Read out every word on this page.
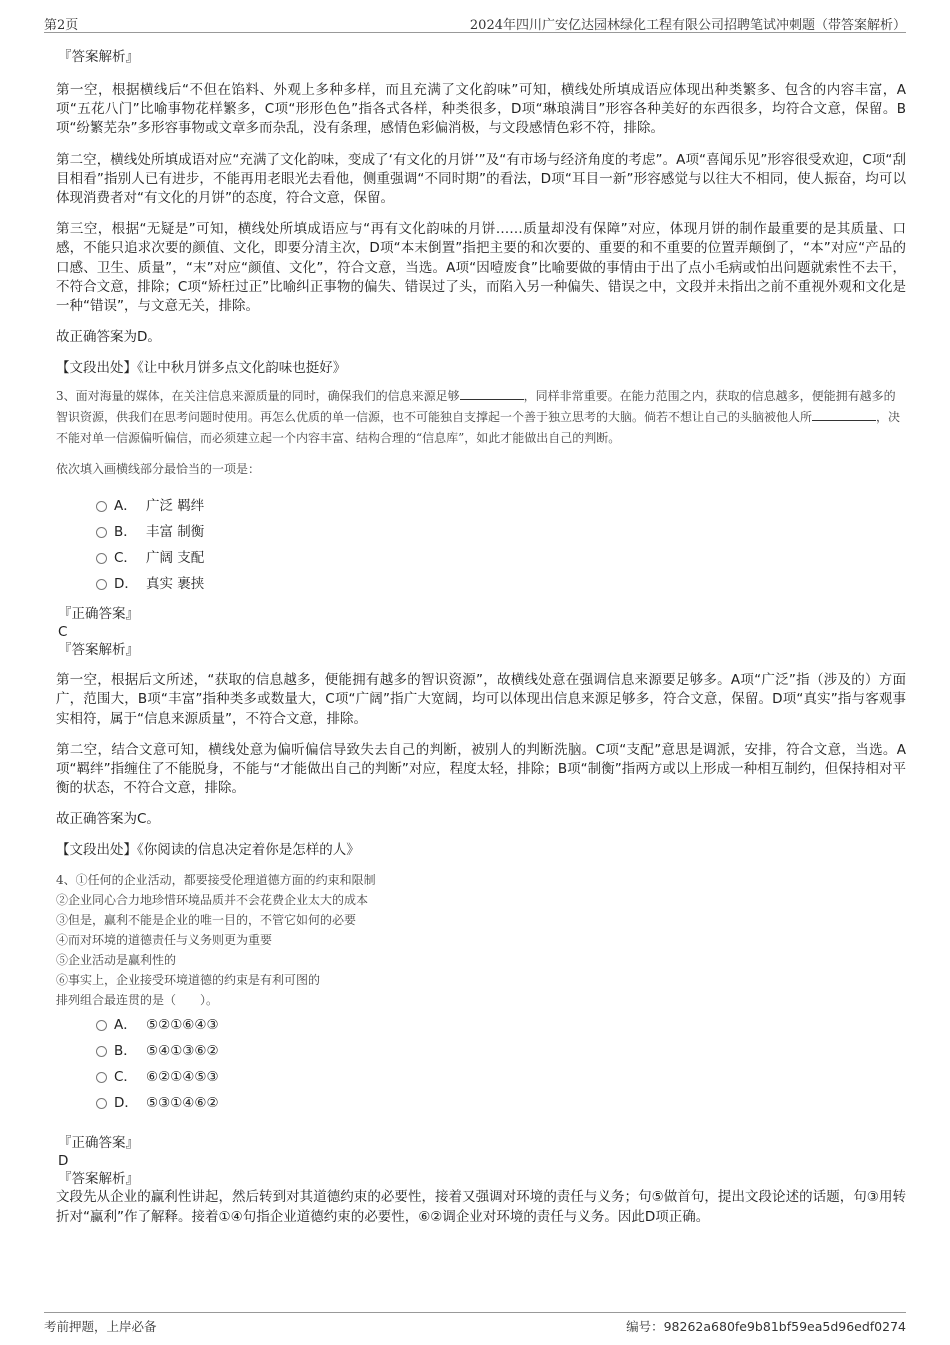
第2页	2024年四川广安亿达园林绿化工程有限公司招聘笔试冲刺题（带答案解析）

『答案解析』

第一空，根据横线后“不但在馅料、外观上多种多样，而且充满了文化韵味”可知，横线处所填成语应体现出种类繁多、包含的内容丰富，A项“五花八门”比喻事物花样繁多，C项“形形色色”指各式各样，种类很多，D项“琳琅满目”形容各种美好的东西很多，均符合文意，保留。B项“纷繁芜杂”多形容事物或文章多而杂乱，没有条理，感情色彩偏消极，与文段感情色彩不符，排除。

第二空，横线处所填成语对应“充满了文化韵味，变成了‘有文化的月饼’”及“有市场与经济角度的考虑”。A项“喜闻乐见”形容很受欢迎，C项“刮目相看”指别人已有进步，不能再用老眼光去看他，侧重强调“不同时期”的看法，D项“耳目一新”形容感觉与以往大不相同，使人振奋，均可以体现消费者对“有文化的月饼”的态度，符合文意，保留。

第三空，根据“无疑是”可知，横线处所填成语应与“再有文化韵味的月饼……质量却没有保障”对应，体现月饼的制作最重要的是其质量、口感，不能只追求次要的颜值、文化，即要分清主次，D项“本末倒置”指把主要的和次要的、重要的和不重要的位置弄颠倒了，“本”对应“产品的口感、卫生、质量”，“末”对应“颜值、文化”，符合文意，当选。A项“因噎废食”比喻要做的事情由于出了点小毛病或怕出问题就索性不去干，不符合文意，排除；C项“矫枉过正”比喻纠正事物的偏失、错误过了头，而陷入另一种偏失、错误之中，文段并未指出之前不重视外观和文化是一种“错误”，与文意无关，排除。

故正确答案为D。

【文段出处】《让中秋月饼多点文化韵味也挺好》

3、面对海量的媒体，在关注信息来源质量的同时，确保我们的信息来源足够	，同样非常重要。在能力范围之内，获取的信息越多，便能拥有越多的智识资源，供我们在思考问题时使用。再怎么优质的单一信源，也不可能独自支撑起一个善于独立思考的大脑。倘若不想让自己的头脑被他人所	，决不能对单一信源偏听偏信，而必须建立起一个内容丰富、结构合理的“信息库”，如此才能做出自己的判断。

依次填入画横线部分最恰当的一项是：

A． 广泛 羁绊
B． 丰富 制衡
C． 广阔 支配
D． 真实 裹挟

『正确答案』

C

『答案解析』

第一空，根据后文所述，“获取的信息越多，便能拥有越多的智识资源”，故横线处意在强调信息来源要足够多。A项“广泛”指（涉及的）方面广，范围大，B项“丰富”指种类多或数量大，C项“广阔”指广大宽阔，均可以体现出信息来源足够多，符合文意，保留。D项“真实”指与客观事实相符，属于“信息来源质量”，不符合文意，排除。

第二空，结合文意可知，横线处意为偏听偏信导致失去自己的判断，被别人的判断洗脑。C项“支配”意思是调派，安排，符合文意，当选。A项“羁绊”指缠住了不能脱身，不能与“才能做出自己的判断”对应，程度太轻，排除；B项“制衡”指两方或以上形成一种相互制约，但保持相对平衡的状态，不符合文意，排除。

故正确答案为C。

【文段出处】《你阅读的信息决定着你是怎样的人》

4、①任何的企业活动，都要接受伦理道德方面的约束和限制

②企业同心合力地珍惜环境品质并不会花费企业太大的成本

③但是，赢利不能是企业的唯一目的，不管它如何的必要

④而对环境的道德责任与义务则更为重要

⑤企业活动是赢利性的

⑥事实上，企业接受环境道德的约束是有利可图的

排列组合最连贯的是（　　）。

A． ⑤②①⑥④③
B． ⑤④①③⑥②
C． ⑥②①④⑤③
D． ⑤③①④⑥②

『正确答案』

D

『答案解析』

文段先从企业的赢利性讲起，然后转到对其道德约束的必要性，接着又强调对环境的责任与义务；句⑤做首句，提出文段论述的话题，句③用转折对“赢利”作了解释。接着①④句指企业道德约束的必要性，⑥②调企业对环境的责任与义务。因此D项正确。

考前押题，上岸必备	编号：98262a680fe9b81bf59ea5d96edf0274
